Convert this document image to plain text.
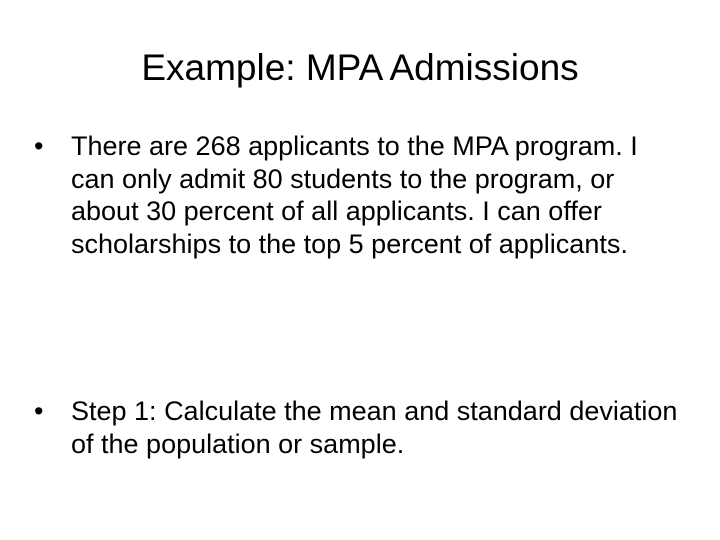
Example: MPA Admissions
•	There are 268 applicants to the MPA program. I can only admit 80 students to the program, or about 30 percent of all applicants. I can offer scholarships to the top 5 percent of applicants.
•	Step 1: Calculate the mean and standard deviation of the population or sample.
